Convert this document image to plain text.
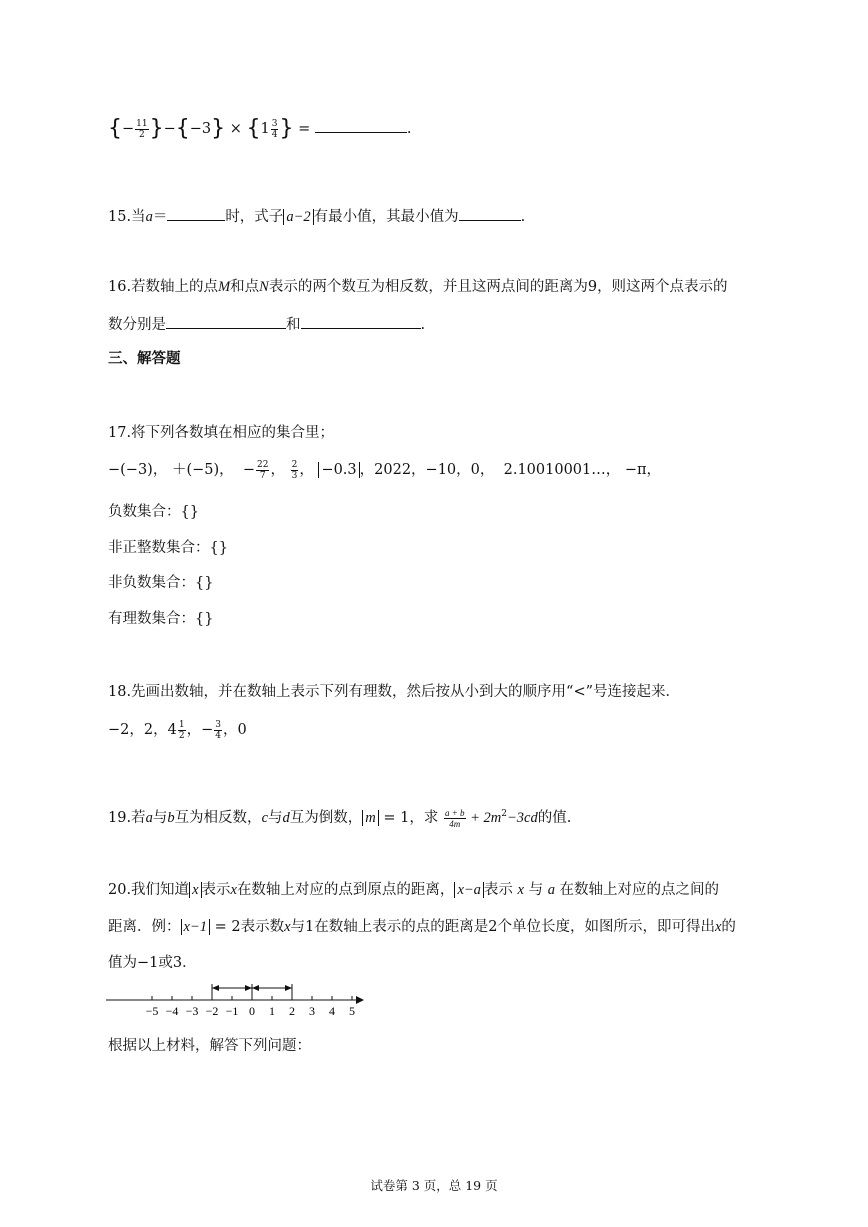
{− $\frac{11}{2} \}-\{-3\} \times \{1 \frac{3}{4}$ } =	.
15.当a＝	时，式子 a−2 有最小值，其最小值为	.
16.若数轴上的点M和点N表示的两个数互为相反数，并且这两点间的距离为9，则这两个点表示的
数分别是	和	.
三、解答题
17.将下列各数填在相应的集合里；
−(−3)， ＋(−5)， − $\frac{22}{7}$ ， $\frac{2}{3}$ ， −0.3 ，2022，−10，0， 2.10010001…， −π，
负数集合：{}
非正整数集合：{}
非负数集合：{}
有理数集合：{}
18.先画出数轴，并在数轴上表示下列有理数，然后按从小到大的顺序用“<”号连接起来．
−2，2，$4 \frac{1}{2}$ ，− $\frac{3}{4}$ ，0
19.若a与b互为相反数，c与d互为倒数， m = 1，求 $\frac{a + b}{4m} + 2m^2-3cd$的值.
20.我们知道 x 表示x在数轴上对应的点到原点的距离， x−a 表示 x 与 a 在数轴上对应的点之间的
距离．例： x−1 = 2表示数x与1在数轴上表示的点的距离是2个单位长度，如图所示，即可得出x的
值为−1或3．
−5 −4 −3 −2 −1 0 1 2 3 4 5
根据以上材料，解答下列问题：
试卷第 3 页，总 19 页
